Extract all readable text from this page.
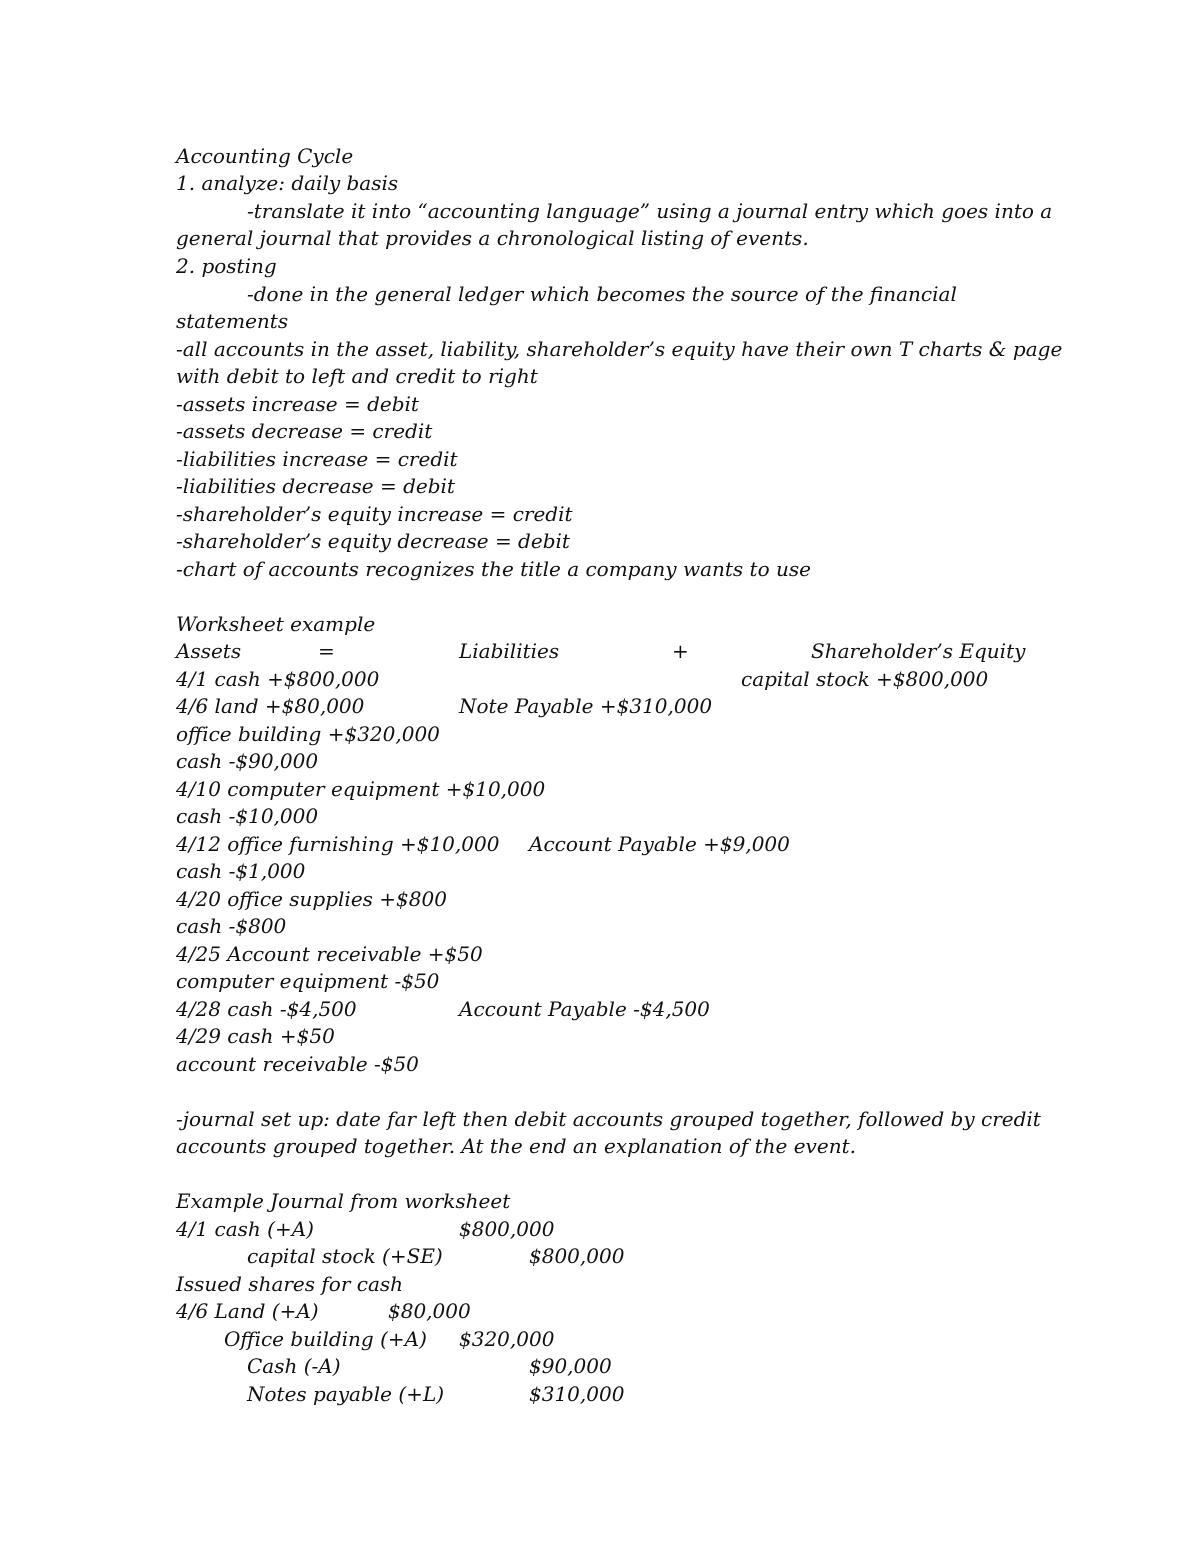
Accounting Cycle
1. analyze: daily basis
-translate it into “accounting language” using a journal entry which goes into a
general journal that provides a chronological listing of events.
2. posting
-done in the general ledger which becomes the source of the financial
statements
-all accounts in the asset, liability, shareholder’s equity have their own T charts & page
with debit to left and credit to right
-assets increase = debit
-assets decrease = credit
-liabilities increase = credit
-liabilities decrease = debit
-shareholder’s equity increase = credit
-shareholder’s equity decrease = debit
-chart of accounts recognizes the title a company wants to use
Worksheet example
Assets	=	Liabilities	+	Shareholder’s Equity
4/1 cash +$800,000	capital stock +$800,000
4/6 land +$80,000	Note Payable +$310,000
office building +$320,000
cash -$90,000
4/10 computer equipment +$10,000
cash -$10,000
4/12 office furnishing +$10,000 Account Payable +$9,000
cash -$1,000
4/20 office supplies +$800
cash -$800
4/25 Account receivable +$50
computer equipment -$50
4/28 cash -$4,500	Account Payable -$4,500
4/29 cash +$50
account receivable -$50
-journal set up: date far left then debit accounts grouped together, followed by credit
accounts grouped together. At the end an explanation of the event.
Example Journal from worksheet
4/1 cash (+A)	$800,000
capital stock (+SE)	$800,000
Issued shares for cash
4/6 Land (+A)	$80,000
Office building (+A) $320,000
Cash (-A)	$90,000
Notes payable (+L)	$310,000
